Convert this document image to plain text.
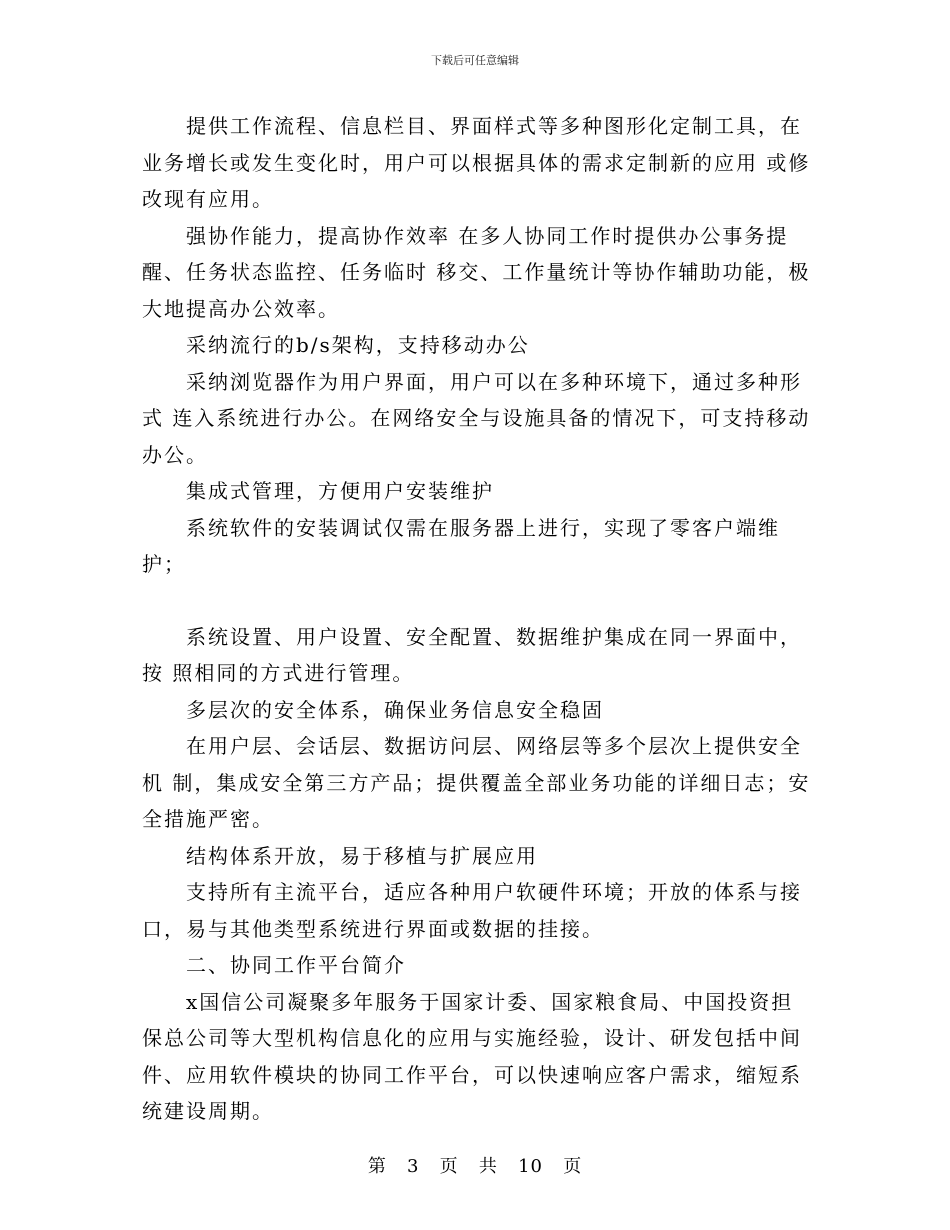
下载后可任意编辑

提供工作流程、信息栏目、界面样式等多种图形化定制工具，在业务增长或发生变化时，用户可以根据具体的需求定制新的应用 或修改现有应用。

强协作能力，提高协作效率 在多人协同工作时提供办公事务提醒、任务状态监控、任务临时 移交、工作量统计等协作辅助功能，极大地提高办公效率。

采纳流行的b/s架构，支持移动办公

采纳浏览器作为用户界面，用户可以在多种环境下，通过多种形式 连入系统进行办公。在网络安全与设施具备的情况下，可支持移动办公。

集成式管理，方便用户安装维护

系统软件的安装调试仅需在服务器上进行，实现了零客户端维护；

系统设置、用户设置、安全配置、数据维护集成在同一界面中，按 照相同的方式进行管理。

多层次的安全体系，确保业务信息安全稳固

在用户层、会话层、数据访问层、网络层等多个层次上提供安全机 制，集成安全第三方产品；提供覆盖全部业务功能的详细日志；安全措施严密。

结构体系开放，易于移植与扩展应用

支持所有主流平台，适应各种用户软硬件环境；开放的体系与接口，易与其他类型系统进行界面或数据的挂接。

二、协同工作平台简介

x国信公司凝聚多年服务于国家计委、国家粮食局、中国投资担保总公司等大型机构信息化的应用与实施经验，设计、研发包括中间件、应用软件模块的协同工作平台，可以快速响应客户需求，缩短系统建设周期。

第 3 页 共 10 页
